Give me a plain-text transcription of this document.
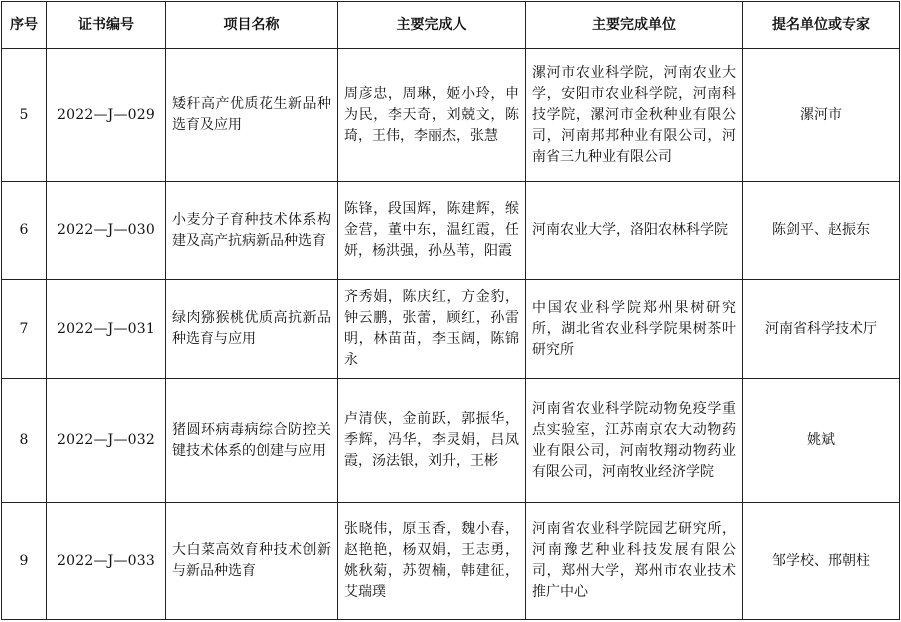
序号	证书编号	项目名称	主要完成人	主要完成单位	提名单位或专家
5	2022—J—029	矮秆高产优质花生新品种选育及应用	周彦忠，周琳，姬小玲，申为民，李天奇，刘兢文，陈琦，王伟，李丽杰，张慧	漯河市农业科学院，河南农业大学，安阳市农业科学院，河南科技学院，漯河市金秋种业有限公司，河南邦邦种业有限公司，河南省三九种业有限公司	漯河市
6	2022—J—030	小麦分子育种技术体系构建及高产抗病新品种选育	陈锋，段国辉，陈建辉，缑金营，董中东，温红霞，任妍，杨洪强，孙丛苇，阳霞	河南农业大学，洛阳农林科学院	陈剑平、赵振东
7	2022—J—031	绿肉猕猴桃优质高抗新品种选育与应用	齐秀娟，陈庆红，方金豹，钟云鹏，张蕾，顾红，孙雷明，林苗苗，李玉阔，陈锦永	中国农业科学院郑州果树研究所，湖北省农业科学院果树茶叶研究所	河南省科学技术厅
8	2022—J—032	猪圆环病毒病综合防控关键技术体系的创建与应用	卢清侠，金前跃，郭振华，季辉，冯华，李灵娟，吕凤霞，汤法银，刘升，王彬	河南省农业科学院动物免疫学重点实验室，江苏南京农大动物药业有限公司，河南牧翔动物药业有限公司，河南牧业经济学院	姚斌
9	2022—J—033	大白菜高效育种技术创新与新品种选育	张晓伟，原玉香，魏小春，赵艳艳，杨双娟，王志勇，姚秋菊，苏贺楠，韩建征，艾瑞璞	河南省农业科学院园艺研究所，河南豫艺种业科技发展有限公司，郑州大学，郑州市农业技术推广中心	邹学校、邢朝柱
